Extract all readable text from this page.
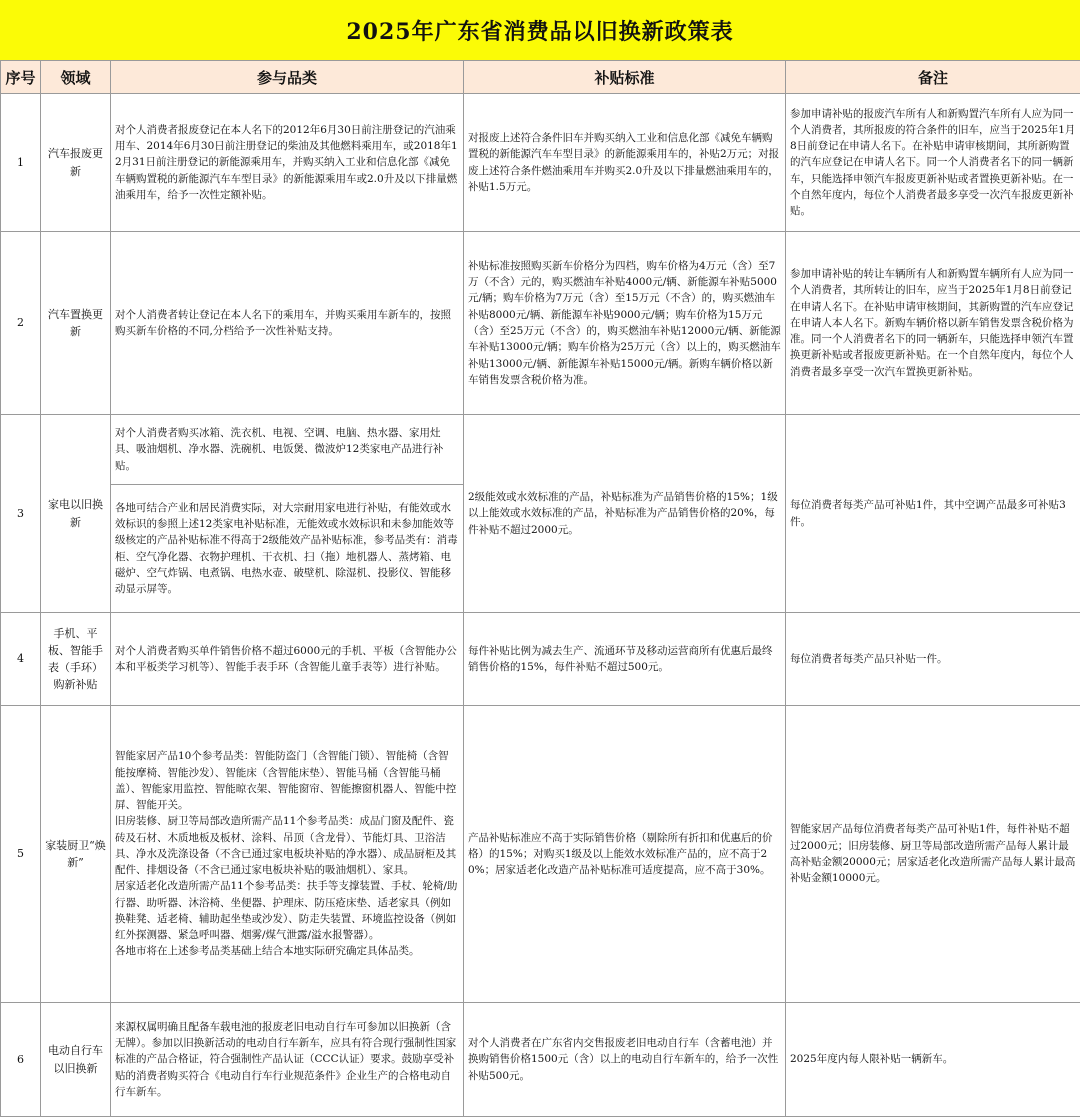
2025年广东省消费品以旧换新政策表
序号	领域	参与品类	补贴标准	备注
1	汽车报废更新	对个人消费者报废登记在本人名下的2012年6月30日前注册登记的汽油乘用车、2014年6月30日前注册登记的柴油及其他燃料乘用车，或2018年12月31日前注册登记的新能源乘用车，并购买纳入工业和信息化部《减免车辆购置税的新能源汽车车型目录》的新能源乘用车或2.0升及以下排量燃油乘用车，给予一次性定额补贴。	对报废上述符合条件旧车并购买纳入工业和信息化部《减免车辆购置税的新能源汽车车型目录》的新能源乘用车的，补贴2万元；对报废上述符合条件燃油乘用车并购买2.0升及以下排量燃油乘用车的，补贴1.5万元。	参加申请补贴的报废汽车所有人和新购置汽车所有人应为同一个人消费者，其所报废的符合条件的旧车，应当于2025年1月8日前登记在申请人名下。在补贴申请审核期间，其所新购置的汽车应登记在申请人名下。同一个人消费者名下的同一辆新车，只能选择申领汽车报废更新补贴或者置换更新补贴。在一个自然年度内，每位个人消费者最多享受一次汽车报废更新补贴。
2	汽车置换更新	对个人消费者转让登记在本人名下的乘用车，并购买乘用车新车的，按照购买新车价格的不同,分档给予一次性补贴支持。	补贴标准按照购买新车价格分为四档，购车价格为4万元（含）至7万（不含）元的，购买燃油车补贴4000元/辆、新能源车补贴5000元/辆；购车价格为7万元（含）至15万元（不含）的，购买燃油车补贴8000元/辆、新能源车补贴9000元/辆；购车价格为15万元（含）至25万元（不含）的，购买燃油车补贴12000元/辆、新能源车补贴13000元/辆；购车价格为25万元（含）以上的，购买燃油车补贴13000元/辆、新能源车补贴15000元/辆。新购车辆价格以新车销售发票含税价格为准。	参加申请补贴的转让车辆所有人和新购置车辆所有人应为同一个人消费者，其所转让的旧车，应当于2025年1月8日前登记在申请人名下。在补贴申请审核期间，其新购置的汽车应登记在申请人本人名下。新购车辆价格以新车销售发票含税价格为准。同一个人消费者名下的同一辆新车，只能选择申领汽车置换更新补贴或者报废更新补贴。在一个自然年度内，每位个人消费者最多享受一次汽车置换更新补贴。
3	家电以旧换新	对个人消费者购买冰箱、洗衣机、电视、空调、电脑、热水器、家用灶具、吸油烟机、净水器、洗碗机、电饭煲、微波炉12类家电产品进行补贴。	2级能效或水效标准的产品，补贴标准为产品销售价格的15%；1级以上能效或水效标准的产品，补贴标准为产品销售价格的20%，每件补贴不超过2000元。	每位消费者每类产品可补贴1件，其中空调产品最多可补贴3件。
		各地可结合产业和居民消费实际，对大宗耐用家电进行补贴，有能效或水效标识的参照上述12类家电补贴标准，无能效或水效标识和未参加能效等级核定的产品补贴标准不得高于2级能效产品补贴标准，参考品类有：消毒柜、空气净化器、衣物护理机、干衣机、扫（拖）地机器人、蒸烤箱、电磁炉、空气炸锅、电煮锅、电热水壶、破壁机、除湿机、投影仪、智能移动显示屏等。		
4	手机、平板、智能手表（手环）购新补贴	对个人消费者购买单件销售价格不超过6000元的手机、平板（含智能办公本和平板类学习机等）、智能手表手环（含智能儿童手表等）进行补贴。	每件补贴比例为减去生产、流通环节及移动运营商所有优惠后最终销售价格的15%，每件补贴不超过500元。	每位消费者每类产品只补贴一件。
5	家装厨卫“焕新”	智能家居产品10个参考品类：智能防盗门（含智能门锁）、智能椅（含智能按摩椅、智能沙发）、智能床（含智能床垫）、智能马桶（含智能马桶盖）、智能家用监控、智能晾衣架、智能窗帘、智能擦窗机器人、智能中控屏、智能开关。
旧房装修、厨卫等局部改造所需产品11个参考品类：成品门窗及配件、瓷砖及石材、木质地板及板材、涂料、吊顶（含龙骨）、节能灯具、卫浴洁具、净水及洗涤设备（不含已通过家电板块补贴的净水器）、成品厨柜及其配件、排烟设备（不含已通过家电板块补贴的吸油烟机）、家具。
居家适老化改造所需产品11个参考品类：扶手等支撑装置、手杖、轮椅/助行器、助听器、沐浴椅、坐便器、护理床、防压疮床垫、适老家具（例如换鞋凳、适老椅、辅助起坐垫或沙发）、防走失装置、环境监控设备（例如红外探测器、紧急呼叫器、烟雾/煤气泄露/溢水报警器）。
各地市将在上述参考品类基础上结合本地实际研究确定具体品类。	产品补贴标准应不高于实际销售价格（剔除所有折扣和优惠后的价格）的15%；对购买1级及以上能效水效标准产品的，应不高于20%；居家适老化改造产品补贴标准可适度提高，应不高于30%。	智能家居产品每位消费者每类产品可补贴1件，每件补贴不超过2000元；旧房装修、厨卫等局部改造所需产品每人累计最高补贴金额20000元；居家适老化改造所需产品每人累计最高补贴金额10000元。
6	电动自行车以旧换新	来源权属明确且配备车载电池的报废老旧电动自行车可参加以旧换新（含无牌）。参加以旧换新活动的电动自行车新车，应具有符合现行强制性国家标准的产品合格证，符合强制性产品认证（CCC认证）要求。鼓励享受补贴的消费者购买符合《电动自行车行业规范条件》企业生产的合格电动自行车新车。	对个人消费者在广东省内交售报废老旧电动自行车（含蓄电池）并换购销售价格1500元（含）以上的电动自行车新车的，给予一次性补贴500元。	2025年度内每人限补贴一辆新车。
